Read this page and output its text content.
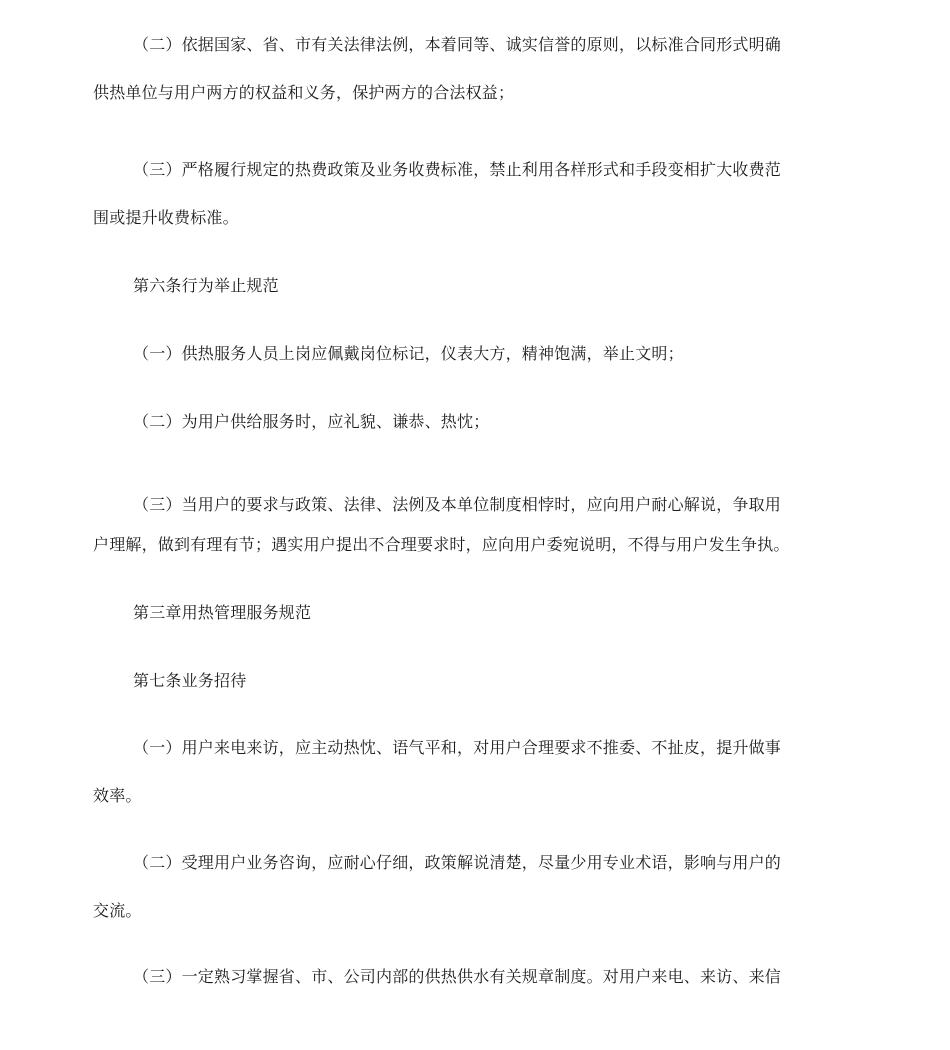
（二）依据国家、省、市有关法律法例，本着同等、诚实信誉的原则，以标准合同形式明确
供热单位与用户两方的权益和义务，保护两方的合法权益；
（三）严格履行规定的热费政策及业务收费标准，禁止利用各样形式和手段变相扩大收费范
围或提升收费标准。
第六条行为举止规范
（一）供热服务人员上岗应佩戴岗位标记，仪表大方，精神饱满，举止文明；
（二）为用户供给服务时，应礼貌、谦恭、热忱；
（三）当用户的要求与政策、法律、法例及本单位制度相悖时，应向用户耐心解说，争取用
户理解，做到有理有节；遇实用户提出不合理要求时，应向用户委宛说明，不得与用户发生争执。
第三章用热管理服务规范
第七条业务招待
（一）用户来电来访，应主动热忱、语气平和，对用户合理要求不推委、不扯皮，提升做事
效率。
（二）受理用户业务咨询，应耐心仔细，政策解说清楚，尽量少用专业术语，影响与用户的
交流。
（三）一定熟习掌握省、市、公司内部的供热供水有关规章制度。对用户来电、来访、来信
